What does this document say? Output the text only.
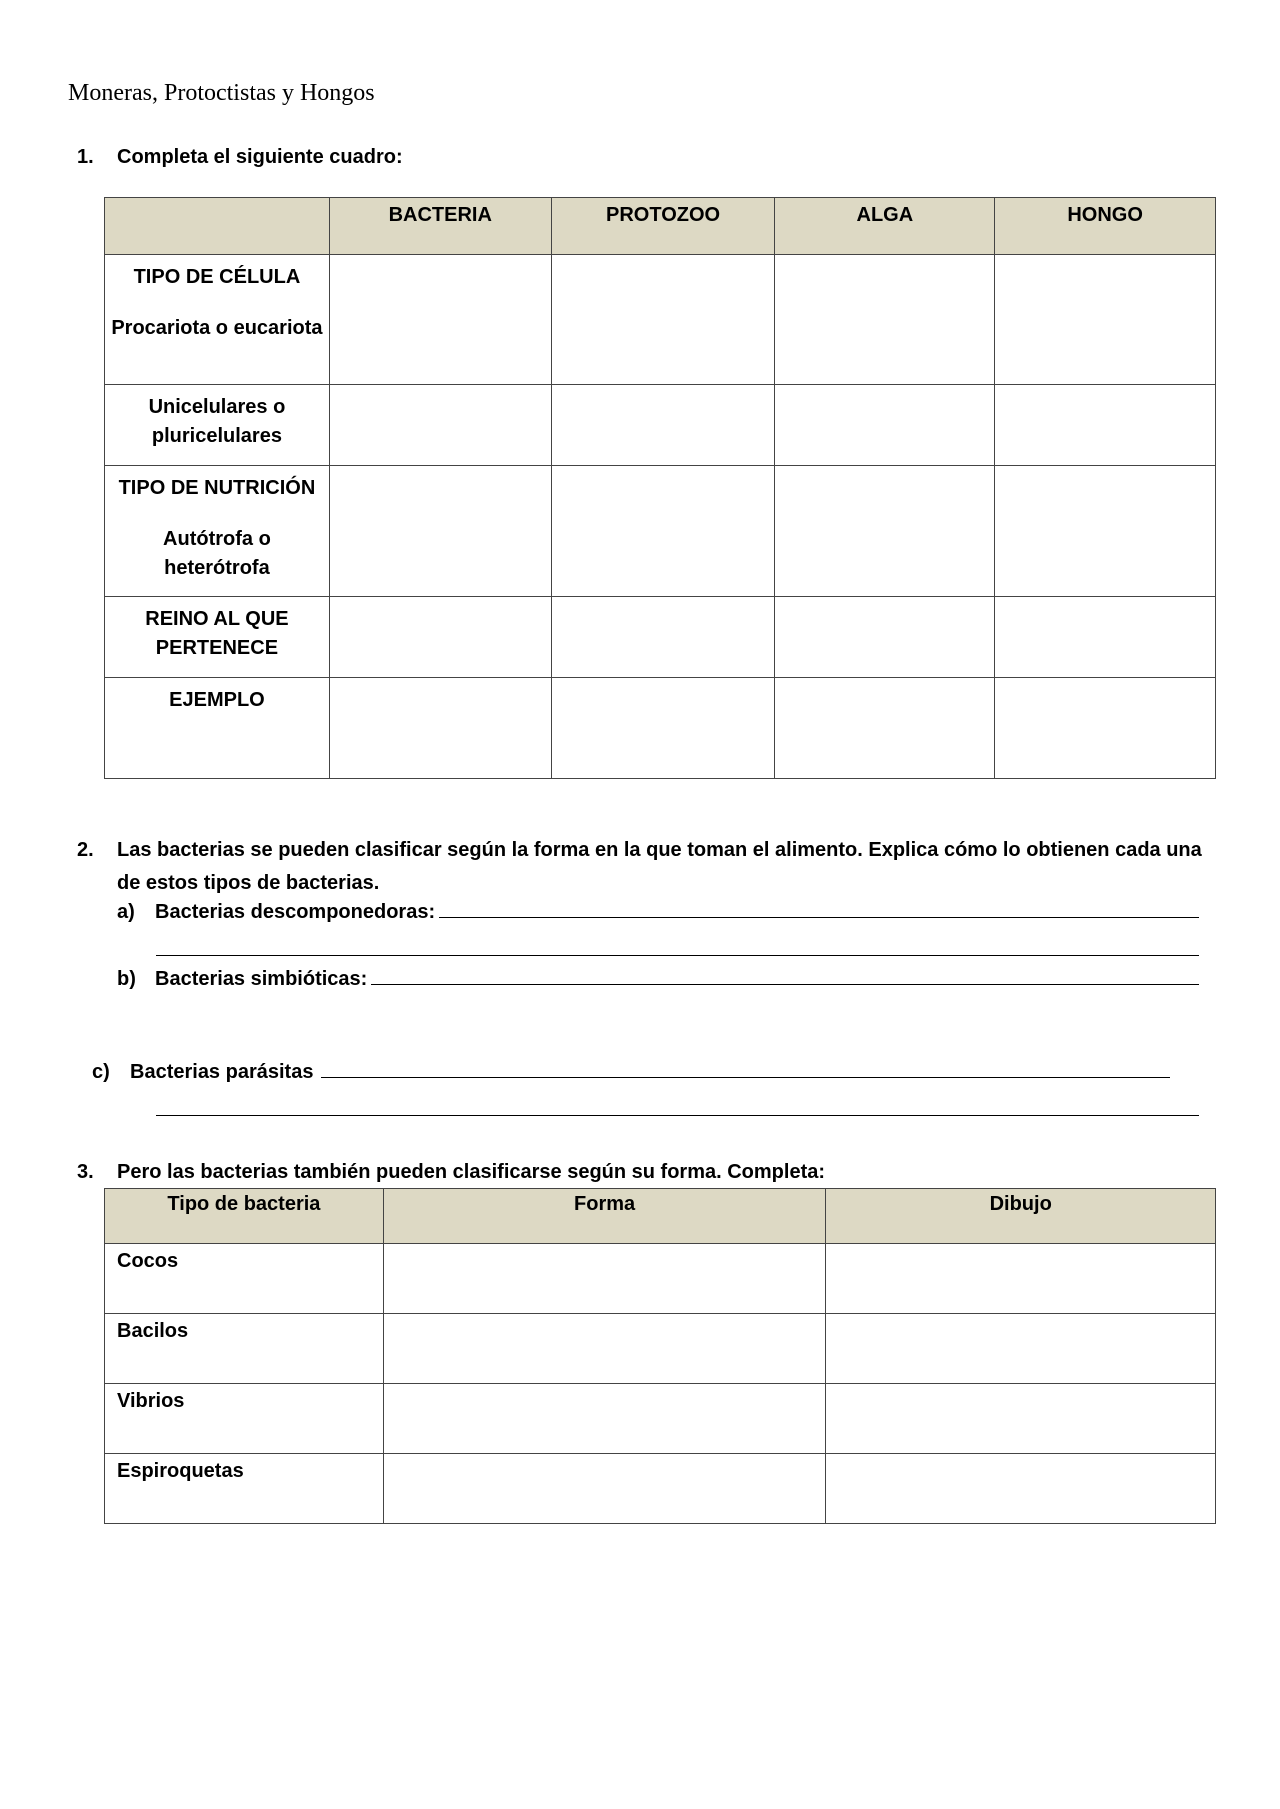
Moneras, Protoctistas y Hongos
1. Completa el siguiente cuadro:
	BACTERIA	PROTOZOO	ALGA	HONGO
TIPO DE CÉLULA
Procariota o eucariota				

Unicelulares o pluricelulares				
TIPO DE NUTRICIÓN
Autótrofa o heterótrofa				

REINO AL QUE PERTENECE				
EJEMPLO				
2.	Las bacterias se pueden clasificar según la forma en la que toman el alimento. Explica cómo lo obtienen cada una de estos tipos de bacterias.
a)	Bacterias descomponedoras:
b) Bacterias simbióticas:
c)	Bacterias parásitas
3. Pero las bacterias también pueden clasificarse según su forma. Completa:
Tipo de bacteria	Forma	Dibujo
Cocos		
Bacilos		
Vibrios		
Espiroquetas		
